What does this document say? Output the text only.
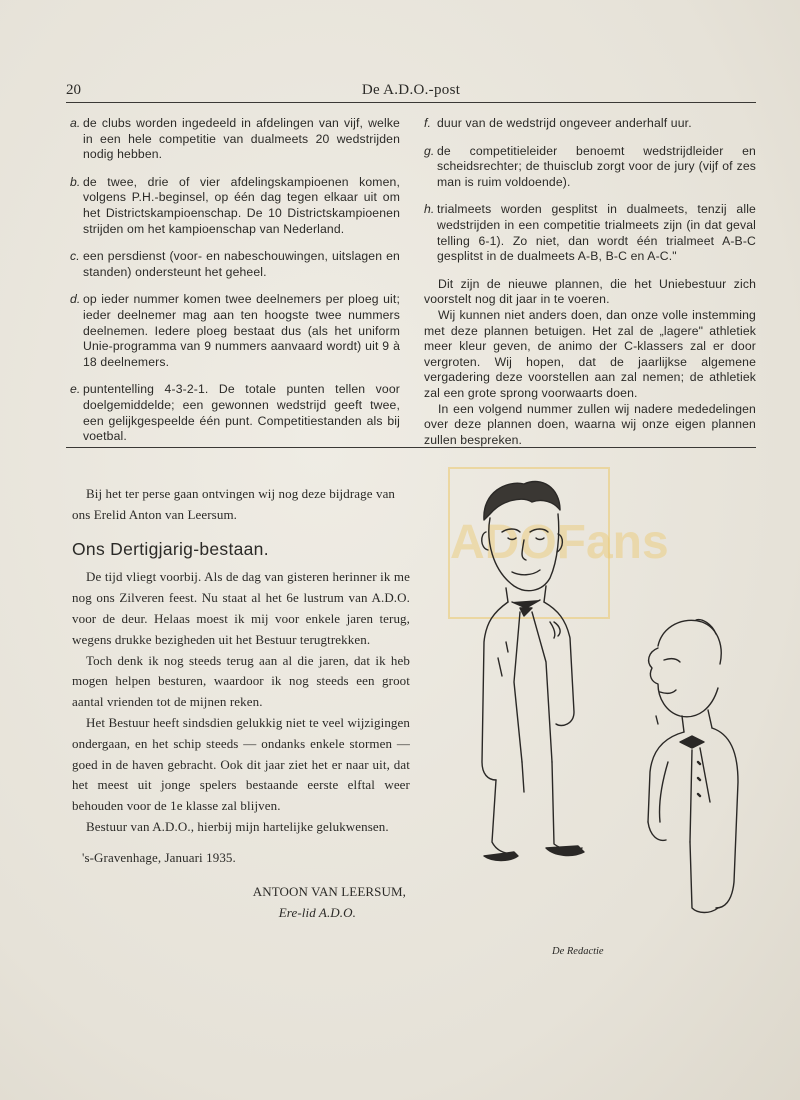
20	De A.D.O.-post
a. de clubs worden ingedeeld in afdelingen van vijf, welke in een hele competitie van dualmeets 20 wedstrijden nodig hebben.
b. de twee, drie of vier afdelingskampioenen komen, volgens P.H.-beginsel, op één dag tegen elkaar uit om het Districtskampioenschap. De 10 Districtskampioenen strijden om het kampioenschap van Nederland.
c. een persdienst (voor- en nabeschouwingen, uitslagen en standen) ondersteunt het geheel.
d. op ieder nummer komen twee deelnemers per ploeg uit; ieder deelnemer mag aan ten hoogste twee nummers deelnemen. Iedere ploeg bestaat dus (als het uniform Unie-programma van 9 nummers aanvaard wordt) uit 9 à 18 deelnemers.
e. puntentelling 4-3-2-1. De totale punten tellen voor doelgemiddelde; een gewonnen wedstrijd geeft twee, een gelijkgespeelde één punt. Competitiestanden als bij voetbal.
f. duur van de wedstrijd ongeveer anderhalf uur.
g. de competitieleider benoemt wedstrijdleider en scheidsrechter; de thuisclub zorgt voor de jury (vijf of zes man is ruim voldoende).
h. trialmeets worden gesplitst in dualmeets, tenzij alle wedstrijden in een competitie trialmeets zijn (in dat geval telling 6-1). Zo niet, dan wordt één trialmeet A-B-C gesplitst in de dualmeets A-B, B-C en A-C."

Dit zijn de nieuwe plannen, die het Uniebestuur zich voorstelt nog dit jaar in te voeren.

Wij kunnen niet anders doen, dan onze volle instemming met deze plannen betuigen. Het zal de „lagere" athletiek meer kleur geven, de animo der C-klassers zal er door vergroten. Wij hopen, dat de jaarlijkse algemene vergadering deze voorstellen aan zal nemen; de athletiek zal een grote sprong voorwaarts doen.

In een volgend nummer zullen wij nadere mededelingen over deze plannen doen, waarna wij onze eigen plannen zullen bespreken.

ADOFans

Bij het ter perse gaan ontvingen wij nog deze bijdrage van ons Erelid Anton van Leersum.

Ons Dertigjarig-bestaan.

De tijd vliegt voorbij. Als de dag van gisteren herinner ik me nog ons Zilveren feest. Nu staat al het 6e lustrum van A.D.O. voor de deur. Helaas moest ik mij voor enkele jaren terug, wegens drukke bezigheden uit het Bestuur terugtrekken.

Toch denk ik nog steeds terug aan al die jaren, dat ik heb mogen helpen besturen, waardoor ik nog steeds een groot aantal vrienden tot de mijnen reken.

Het Bestuur heeft sindsdien gelukkig niet te veel wijzigingen ondergaan, en het schip steeds — ondanks enkele stormen — goed in de haven gebracht. Ook dit jaar ziet het er naar uit, dat het meest uit jonge spelers bestaande eerste elftal weer behouden voor de 1e klasse zal blijven.

Bestuur van A.D.O., hierbij mijn hartelijke gelukwensen.

's-Gravenhage, Januari 1935.

ANTOON VAN LEERSUM,
Ere-lid A.D.O.
De Redactie
